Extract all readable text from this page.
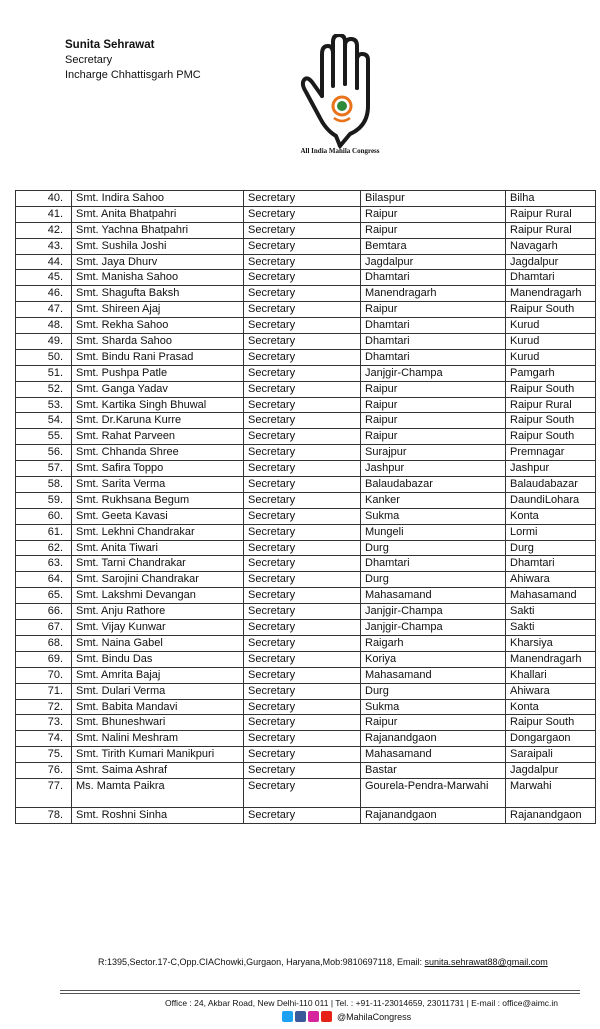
Sunita Sehrawat
Secretary
Incharge Chhattisgarh PMC
All India Mahila Congress
40.	Smt. Indira Sahoo	Secretary	Bilaspur	Bilha
41.	Smt. Anita Bhatpahri	Secretary	Raipur	Raipur Rural
42.	Smt. Yachna Bhatpahri	Secretary	Raipur	Raipur Rural
43.	Smt. Sushila Joshi	Secretary	Bemtara	Navagarh
44.	Smt. Jaya Dhurv	Secretary	Jagdalpur	Jagdalpur
45.	Smt. Manisha Sahoo	Secretary	Dhamtari	Dhamtari
46.	Smt. Shagufta Baksh	Secretary	Manendragarh	Manendragarh
47.	Smt. Shireen Ajaj	Secretary	Raipur	Raipur South
48.	Smt. Rekha Sahoo	Secretary	Dhamtari	Kurud
49.	Smt. Sharda Sahoo	Secretary	Dhamtari	Kurud
50.	Smt. Bindu Rani Prasad	Secretary	Dhamtari	Kurud
51.	Smt. Pushpa Patle	Secretary	Janjgir-Champa	Pamgarh
52.	Smt. Ganga Yadav	Secretary	Raipur	Raipur South
53.	Smt. Kartika Singh Bhuwal	Secretary	Raipur	Raipur Rural
54.	Smt. Dr.Karuna Kurre	Secretary	Raipur	Raipur South
55.	Smt. Rahat Parveen	Secretary	Raipur	Raipur South
56.	Smt. Chhanda Shree	Secretary	Surajpur	Premnagar
57.	Smt. Safira Toppo	Secretary	Jashpur	Jashpur
58.	Smt. Sarita Verma	Secretary	Balaudabazar	Balaudabazar
59.	Smt. Rukhsana Begum	Secretary	Kanker	DaundiLohara
60.	Smt. Geeta Kavasi	Secretary	Sukma	Konta
61.	Smt. Lekhni Chandrakar	Secretary	Mungeli	Lormi
62.	Smt. Anita Tiwari	Secretary	Durg	Durg
63.	Smt. Tarni Chandrakar	Secretary	Dhamtari	Dhamtari
64.	Smt. Sarojini Chandrakar	Secretary	Durg	Ahiwara
65.	Smt. Lakshmi Devangan	Secretary	Mahasamand	Mahasamand
66.	Smt. Anju Rathore	Secretary	Janjgir-Champa	Sakti
67.	Smt. Vijay Kunwar	Secretary	Janjgir-Champa	Sakti
68.	Smt. Naina Gabel	Secretary	Raigarh	Kharsiya
69.	Smt. Bindu Das	Secretary	Koriya	Manendragarh
70.	Smt. Amrita Bajaj	Secretary	Mahasamand	Khallari
71.	Smt. Dulari Verma	Secretary	Durg	Ahiwara
72.	Smt. Babita Mandavi	Secretary	Sukma	Konta
73.	Smt. Bhuneshwari	Secretary	Raipur	Raipur South
74.	Smt. Nalini Meshram	Secretary	Rajanandgaon	Dongargaon
75.	Smt. Tirith Kumari Manikpuri	Secretary	Mahasamand	Saraipali
76.	Smt. Saima Ashraf	Secretary	Bastar	Jagdalpur
77.	Ms. Mamta Paikra	Secretary	Gourela-Pendra-Marwahi	Marwahi
78.	Smt. Roshni Sinha	Secretary	Rajanandgaon	Rajanandgaon
R:1395,Sector.17-C,Opp.CIAChowki,Gurgaon, Haryana,Mob:9810697118, Email: sunita.sehrawat88@gmail.com
Office : 24, Akbar Road, New Delhi-110 011 | Tel. : +91-11-23014659, 23011731 | E-mail : office@aimc.in
@MahilaCongress
